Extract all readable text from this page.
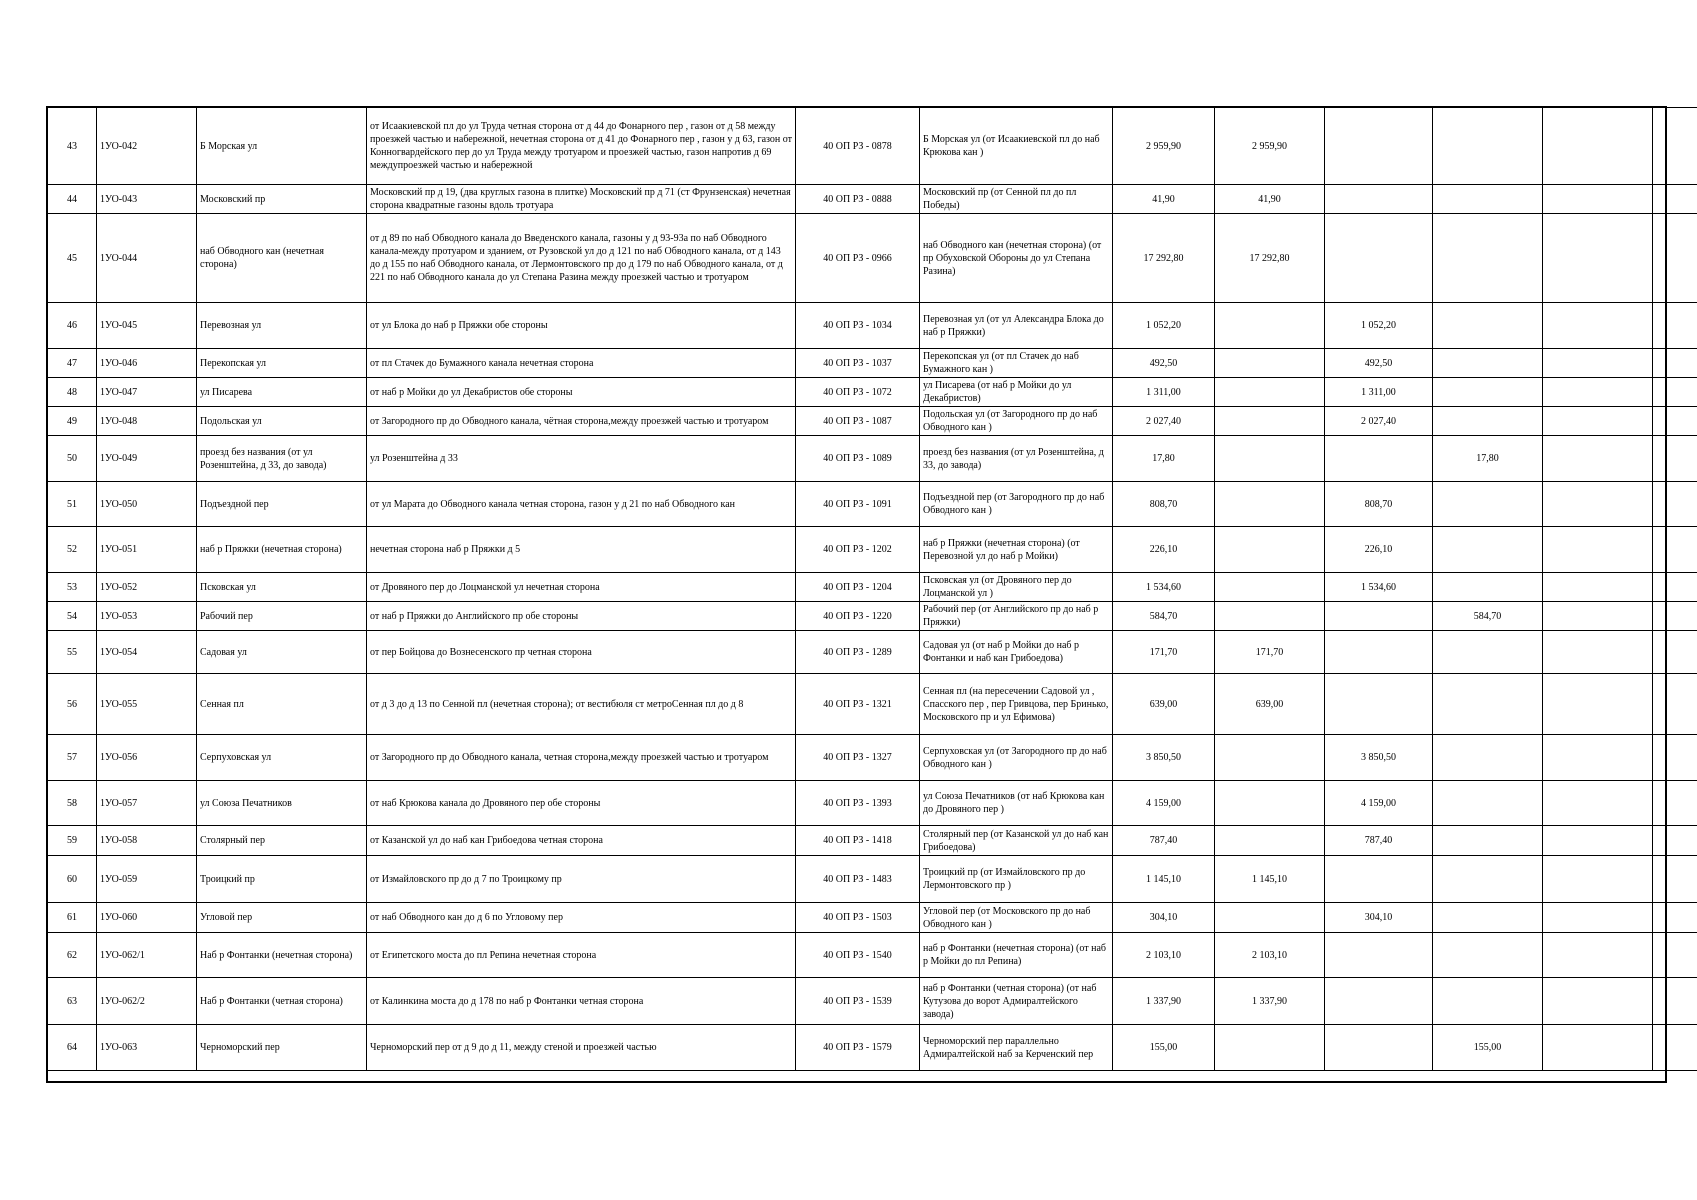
43	1УО-042	Б Морская ул	от Исаакиевской пл до ул Труда четная сторона от д 44 до Фонарного пер , газон от д 58 между проезжей частью и набережной, нечетная сторона от д 41 до Фонарного пер , газон у д 63, газон от Конногвардейского пер до ул Труда между тротуаром и проезжей частью, газон напротив д 69 междупроезжей частью и набережной	40 ОП РЗ - 0878	Б Морская ул (от Исаакиевской пл до наб Крюкова кан )	2 959,90	2 959,90				
44	1УО-043	Московский пр	Московский пр д 19, (два круглых газона в плитке) Московский пр д 71 (ст Фрунзенская) нечетная сторона квадратные газоны вдоль тротуара	40 ОП РЗ - 0888	Московский пр (от Сенной пл до пл Победы)	41,90	41,90				
45	1УО-044	наб Обводного кан (нечетная сторона)	от д 89 по наб Обводного канала до Введенского канала, газоны у д 93-93а по наб Обводного канала-между протуаром и зданием, от Рузовской ул до д 121 по наб Обводного канала, от д 143 до д 155 по наб Обводного канала, от Лермонтовского пр до д 179 по наб Обводного канала, от д 221 по наб Обводного канала до ул Степана Разина между проезжей частью и тротуаром	40 ОП РЗ - 0966	наб Обводного кан (нечетная сторона) (от пр Обуховской Обороны до ул Степана Разина)	17 292,80	17 292,80				
46	1УО-045	Перевозная ул	от ул Блока до наб р Пряжки обе стороны	40 ОП РЗ - 1034	Перевозная ул (от ул Александра Блока до наб р Пряжки)	1 052,20		1 052,20			
47	1УО-046	Перекопская ул	от пл Стачек до Бумажного канала нечетная сторона	40 ОП РЗ - 1037	Перекопская ул (от пл Стачек до наб Бумажного кан )	492,50		492,50			
48	1УО-047	ул Писарева	от наб р Мойки до ул Декабристов обе стороны	40 ОП РЗ - 1072	ул Писарева (от наб р Мойки до ул Декабристов)	1 311,00		1 311,00			
49	1УО-048	Подольская ул	от Загородного пр до Обводного канала, чётная сторона,между проезжей частью и тротуаром	40 ОП РЗ - 1087	Подольская ул (от Загородного пр до наб Обводного кан )	2 027,40		2 027,40			
50	1УО-049	проезд без названия (от ул Розенштейна, д 33, до завода)	ул Розенштейна д 33	40 ОП РЗ - 1089	проезд без названия (от ул Розенштейна, д 33, до завода)	17,80			17,80		
51	1УО-050	Подъездной пер	от ул Марата до Обводного канала четная сторона, газон у д 21 по наб Обводного кан	40 ОП РЗ - 1091	Подъездной пер (от Загородного пр до наб Обводного кан )	808,70		808,70			
52	1УО-051	наб р Пряжки (нечетная сторона)	нечетная сторона наб р Пряжки д 5	40 ОП РЗ - 1202	наб р Пряжки (нечетная сторона) (от Перевозной ул до наб р Мойки)	226,10		226,10			
53	1УО-052	Псковская ул	от Дровяного пер до Лоцманской ул нечетная сторона	40 ОП РЗ - 1204	Псковская ул (от Дровяного пер до Лоцманской ул )	1 534,60		1 534,60			
54	1УО-053	Рабочий пер	от наб р Пряжки до Английского пр обе стороны	40 ОП РЗ - 1220	Рабочий пер (от Английского пр до наб р Пряжки)	584,70			584,70		
55	1УО-054	Садовая ул	от пер Бойцова до Вознесенского пр четная сторона	40 ОП РЗ - 1289	Садовая ул (от наб р Мойки до наб р Фонтанки и наб кан Грибоедова)	171,70	171,70				
56	1УО-055	Сенная пл	от д 3 до д 13 по Сенной пл (нечетная сторона); от вестибюля ст метроСенная пл до д 8	40 ОП РЗ - 1321	Сенная пл (на пересечении Садовой ул , Спасского пер , пер Гривцова, пер Бринько, Московского пр и ул Ефимова)	639,00	639,00				
57	1УО-056	Серпуховская ул	от Загородного пр до Обводного канала, четная сторона,между проезжей частью и тротуаром	40 ОП РЗ - 1327	Серпуховская ул (от Загородного пр до наб Обводного кан )	3 850,50		3 850,50			
58	1УО-057	ул Союза Печатников	от наб Крюкова канала до Дровяного пер обе стороны	40 ОП РЗ - 1393	ул Союза Печатников (от наб Крюкова кан до Дровяного пер )	4 159,00		4 159,00			
59	1УО-058	Столярный пер	от Казанской ул до наб кан Грибоедова четная сторона	40 ОП РЗ - 1418	Столярный пер (от Казанской ул до наб кан Грибоедова)	787,40		787,40			
60	1УО-059	Троицкий пр	от Измайловского пр до д 7 по Троицкому пр	40 ОП РЗ - 1483	Троицкий пр (от Измайловского пр до Лермонтовского пр )	1 145,10	1 145,10				
61	1УО-060	Угловой пер	от наб Обводного кан до д 6 по Угловому пер	40 ОП РЗ - 1503	Угловой пер (от Московского пр до наб Обводного кан )	304,10		304,10			
62	1УО-062/1	Наб р Фонтанки (нечетная сторона)	от Египетского моста до пл Репина нечетная сторона	40 ОП РЗ - 1540	наб р Фонтанки (нечетная сторона) (от наб р Мойки до пл Репина)	2 103,10	2 103,10				
63	1УО-062/2	Наб р Фонтанки (четная сторона)	от Калинкина моста до д 178 по наб р Фонтанки четная сторона	40 ОП РЗ - 1539	наб р Фонтанки (четная сторона) (от наб Кутузова до ворот Адмиралтейского завода)	1 337,90	1 337,90				
64	1УО-063	Черноморский пер	Черноморский пер от д 9 до д 11, между стеной и проезжей частью	40 ОП РЗ - 1579	Черноморский пер параллельно Адмиралтейской наб за Керченский пер	155,00			155,00		
